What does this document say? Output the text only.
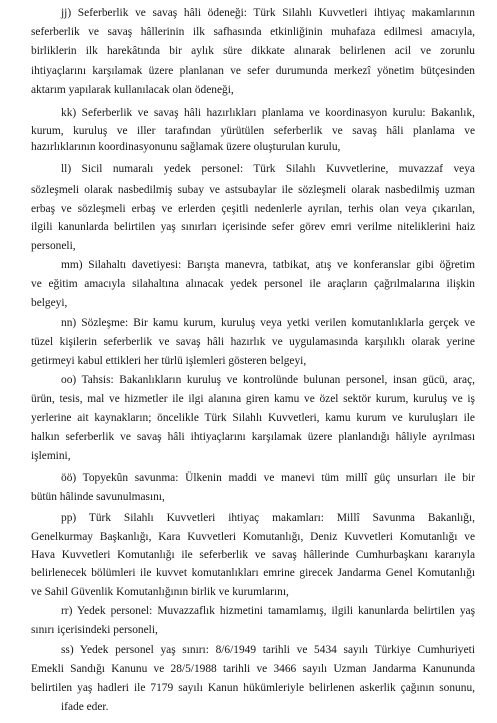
jj) Seferberlik ve savaş hâli ödeneği: Türk Silahlı Kuvvetleri ihtiyaç makamlarının
seferberlik ve savaş hâllerinin ilk safhasında etkinliğinin muhafaza edilmesi amacıyla,
birliklerin ilk harekâtında bir aylık süre dikkate alınarak belirlenen acil ve zorunlu
ihtiyaçlarını karşılamak üzere planlanan ve sefer durumunda merkezî yönetim bütçesinden
aktarım yapılarak kullanılacak olan ödeneği,
kk) Seferberlik ve savaş hâli hazırlıkları planlama ve koordinasyon kurulu: Bakanlık,
kurum, kuruluş ve iller tarafından yürütülen seferberlik ve savaş hâli planlama ve
hazırlıklarının koordinasyonunu sağlamak üzere oluşturulan kurulu,
ll) Sicil numaralı yedek personel: Türk Silahlı Kuvvetlerine, muvazzaf veya
sözleşmeli olarak nasbedilmiş subay ve astsubaylar ile sözleşmeli olarak nasbedilmiş uzman
erbaş ve sözleşmeli erbaş ve erlerden çeşitli nedenlerle ayrılan, terhis olan veya çıkarılan,
ilgili kanunlarda belirtilen yaş sınırları içerisinde sefer görev emri verilme niteliklerini haiz
personeli,
mm) Silahaltı davetiyesi: Barışta manevra, tatbikat, atış ve konferanslar gibi öğretim
ve eğitim amacıyla silahaltına alınacak yedek personel ile araçların çağrılmalarına ilişkin
belgeyi,
nn) Sözleşme: Bir kamu kurum, kuruluş veya yetki verilen komutanlıklarla gerçek ve
tüzel kişilerin seferberlik ve savaş hâli hazırlık ve uygulamasında karşılıklı olarak yerine
getirmeyi kabul ettikleri her türlü işlemleri gösteren belgeyi,
oo) Tahsis: Bakanlıkların kuruluş ve kontrolünde bulunan personel, insan gücü, araç,
ürün, tesis, mal ve hizmetler ile ilgi alanına giren kamu ve özel sektör kurum, kuruluş ve iş
yerlerine ait kaynakların; öncelikle Türk Silahlı Kuvvetleri, kamu kurum ve kuruluşları ile
halkın seferberlik ve savaş hâli ihtiyaçlarını karşılamak üzere planlandığı hâliyle ayrılması
işlemini,
öö) Topyekûn savunma: Ülkenin maddi ve manevi tüm millî güç unsurları ile bir
bütün hâlinde savunulmasını,
pp) Türk Silahlı Kuvvetleri ihtiyaç makamları: Millî Savunma Bakanlığı,
Genelkurmay Başkanlığı, Kara Kuvvetleri Komutanlığı, Deniz Kuvvetleri Komutanlığı ve
Hava Kuvvetleri Komutanlığı ile seferberlik ve savaş hâllerinde Cumhurbaşkanı kararıyla
belirlenecek bölümleri ile kuvvet komutanlıkları emrine girecek Jandarma Genel Komutanlığı
ve Sahil Güvenlik Komutanlığının birlik ve kurumlarını,
rr) Yedek personel: Muvazzaflık hizmetini tamamlamış, ilgili kanunlarda belirtilen yaş
sınırı içerisindeki personeli,
ss) Yedek personel yaş sınırı: 8/6/1949 tarihli ve 5434 sayılı Türkiye Cumhuriyeti
Emekli Sandığı Kanunu ve 28/5/1988 tarihli ve 3466 sayılı Uzman Jandarma Kanununda
belirtilen yaş hadleri ile 7179 sayılı Kanun hükümleriyle belirlenen askerlik çağının sonunu,
ifade eder.
